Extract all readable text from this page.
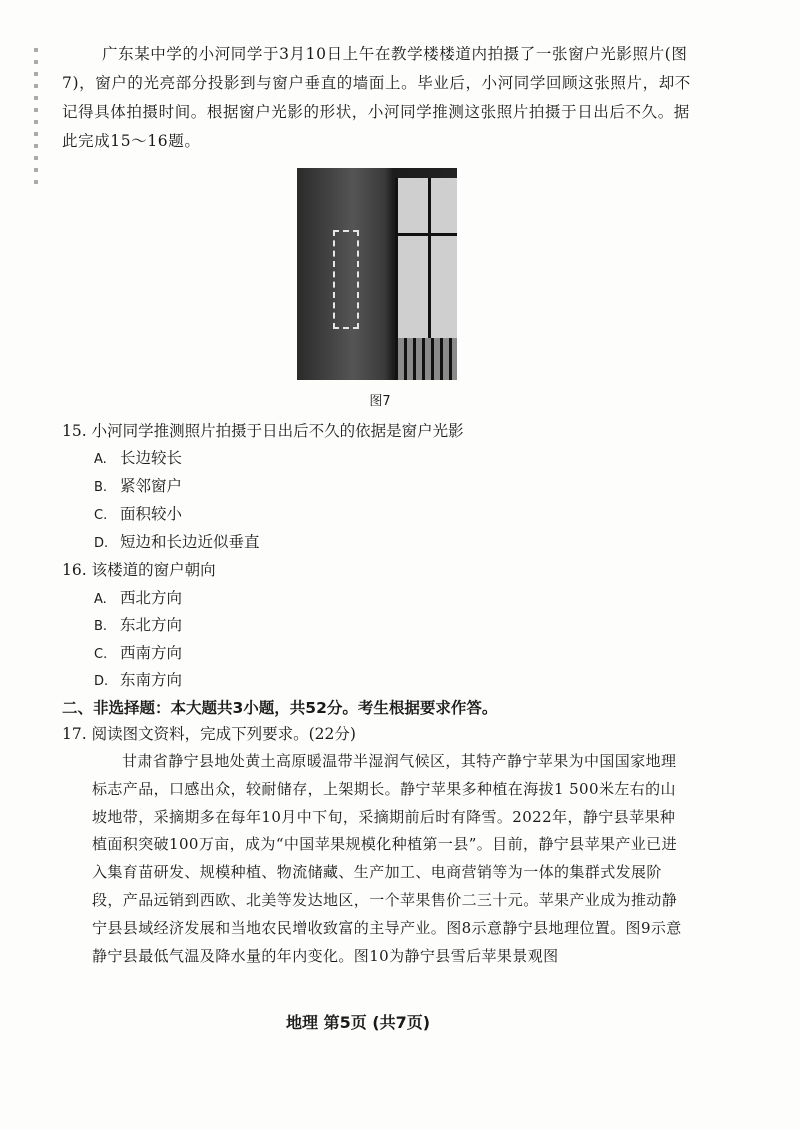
广东某中学的小河同学于3月10日上午在教学楼楼道内拍摄了一张窗户光影照片(图7)，窗户的光亮部分投影到与窗户垂直的墙面上。毕业后，小河同学回顾这张照片，却不记得具体拍摄时间。根据窗户光影的形状，小河同学推测这张照片拍摄于日出后不久。据此完成15～16题。

图7
15. 小河同学推测照片拍摄于日出后不久的依据是窗户光影
A. 长边较长
B. 紧邻窗户
C. 面积较小
D. 短边和长边近似垂直
16. 该楼道的窗户朝向
A. 西北方向
B. 东北方向
C. 西南方向
D. 东南方向
二、非选择题：本大题共3小题，共52分。考生根据要求作答。
17. 阅读图文资料，完成下列要求。(22分)

甘肃省静宁县地处黄土高原暖温带半湿润气候区，其特产静宁苹果为中国国家地理标志产品，口感出众，较耐储存，上架期长。静宁苹果多种植在海拔1 500米左右的山坡地带，采摘期多在每年10月中下旬，采摘期前后时有降雪。2022年，静宁县苹果种植面积突破100万亩，成为“中国苹果规模化种植第一县”。目前，静宁县苹果产业已进入集育苗研发、规模种植、物流储藏、生产加工、电商营销等为一体的集群式发展阶段，产品远销到西欧、北美等发达地区，一个苹果售价二三十元。苹果产业成为推动静宁县县域经济发展和当地农民增收致富的主导产业。图8示意静宁县地理位置。图9示意静宁县最低气温及降水量的年内变化。图10为静宁县雪后苹果景观图

地理 第5页 (共7页)
